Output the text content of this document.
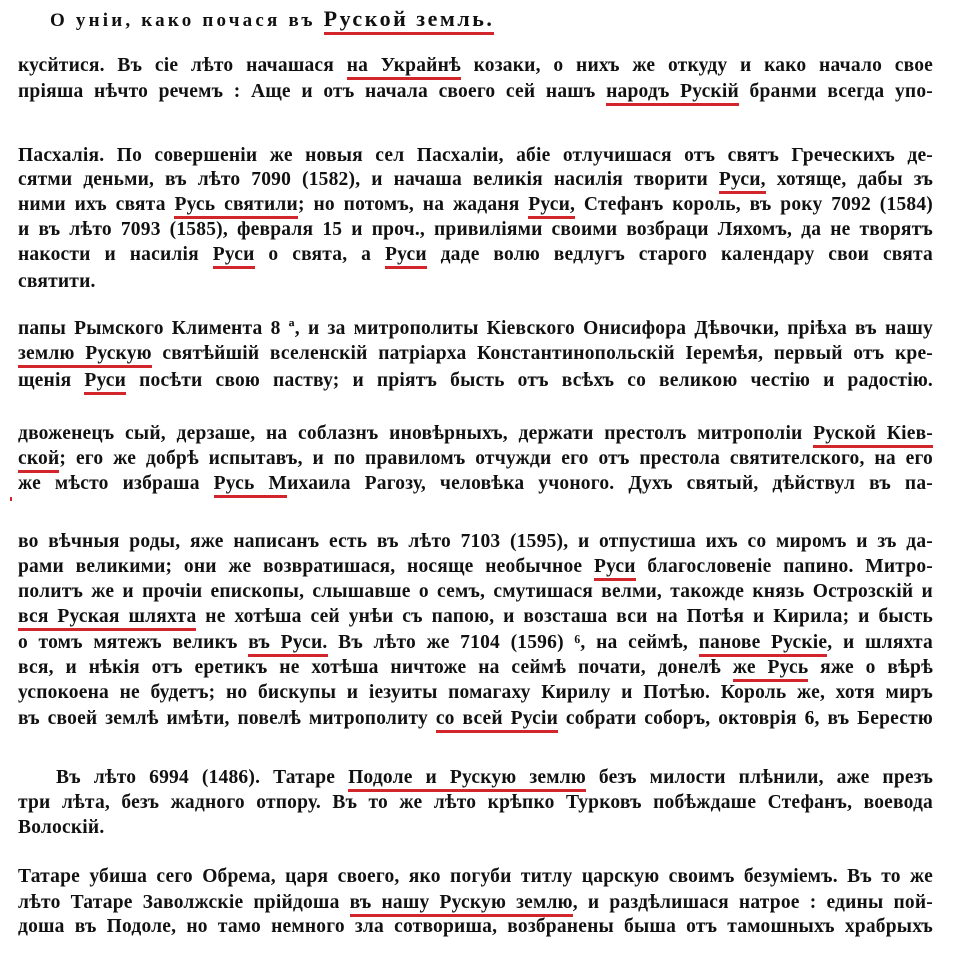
О уніи, како почася въ Руской земль.
кусйтися. Въ сіе лѣто начашася на Украйнѣ козаки, о нихъ же откуду и како начало свое
пріяша нѣчто речемъ : Аще и отъ начала своего сей нашъ народъ Рускій бранми всегда упо-
Пасхалія. По совершеніи же новыя сел Пасхаліи, абіе отлучишася отъ святъ Греческихъ де-
сятми деньми, въ лѣто 7090 (1582), и начаша великія насилія творити Руси, хотяще, дабы зъ
ними ихъ свята Русь святили; но потомъ, на жаданя Руси, Стефанъ король, въ року 7092 (1584)
и въ лѣто 7093 (1585), февраля 15 и проч., привиліями своими возбраци Ляхомъ, да не творятъ
накости и насилія Руси о свята, а Руси даде волю ведлугъ старого календару свои свята
святити.
папы Рымского Климента 8 ª, и за митрополиты Кіевского Онисифора Дѣвочки, пріѣха въ нашу
землю Рускую святѣйшій вселенскій патріарха Константинопольскій Іеремѣя, первый отъ кре-
щенія Руси посѣти свою паству; и пріятъ бысть отъ всѣхъ со великою честію и радостію.
двоженецъ сый, дерзаше, на соблазнъ иновѣрныхъ, держати престолъ митрополіи Руской Кіев-
ской; его же добрѣ испытавъ, и по правиломъ отчужди его отъ престола святителского, на его
же мѣсто избраша Русь Михаила Рагозу, человѣка учоного. Духъ святый, дѣйствул въ па-
во вѣчныя роды, яже написанъ есть въ лѣто 7103 (1595), и отпустиша ихъ со миромъ и зъ да-
рами великими; они же возвратишася, носяще необычное Руси благословеніе папино. Митро-
политъ же и прочіи епископы, слышавше о семъ, смутишася велми, такожде князь Острозскій и
вся Руская шляхта не хотѣша сей унѣи съ папою, и возсташа вси на Потѣя и Кирила; и бысть
о томъ мятежъ великъ въ Руси. Въ лѣто же 7104 (1596) ⁶, на сеймѣ, панове Рускіе, и шляхта
вся, и нѣкія отъ еретикъ не хотѣша ничтоже на сеймѣ почати, донелѣ же Русь яже о вѣрѣ
успокоена не будетъ; но бискупы и іезуиты помагаху Кирилу и Потѣю. Король же, хотя миръ
въ своей землѣ имѣти, повелѣ митрополиту со всей Русіи собрати соборъ, октоврія 6, въ Берестю
Въ лѣто 6994 (1486). Татаре Подоле и Рускую землю безъ милости плѣнили, аже презъ
три лѣта, безъ жадного отпору. Въ то же лѣто крѣпко Турковъ побѣждаше Стефанъ, воевода
Волоскій.
Татаре убиша сего Обрема, царя своего, яко погуби титлу царскую своимъ безуміемъ. Въ то же
лѣто Татаре Заволжскіе прійдоша въ нашу Рускую землю, и раздѣлишася натрое : едины пой-
доша въ Подоле, но тамо немного зла сотвориша, возбранены быша отъ тамошныхъ храбрыхъ
